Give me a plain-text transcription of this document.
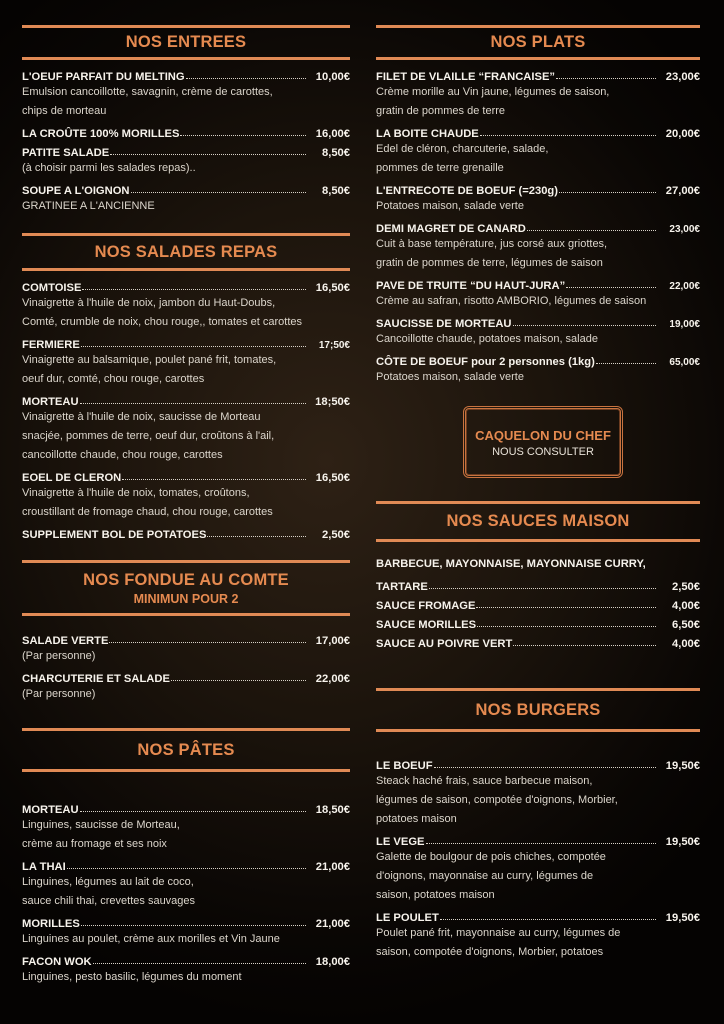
NOS ENTREES
L'OEUF PARFAIT DU MELTING	10,00€
Emulsion cancoillotte, savagnin, crème de carottes,
chips de morteau
LA CROÛTE 100% MORILLES	16,00€
PATITE SALADE	8,50€
(à choisir parmi les salades repas)..
SOUPE A L'OIGNON	8,50€
GRATINEE A L'ANCIENNE
NOS SALADES REPAS
COMTOISE	16,50€
Vinaigrette à l'huile de noix, jambon du Haut-Doubs,
Comté, crumble de noix, chou rouge,, tomates et carottes
FERMIERE	17;50€
Vinaigrette au balsamique, poulet pané frit, tomates,
oeuf dur, comté, chou rouge, carottes
MORTEAU	18;50€
Vinaigrette à l'huile de noix, saucisse de Morteau
snacjée, pommes de terre, oeuf dur, croûtons à l'ail,
cancoillotte chaude, chou rouge, carottes
EOEL DE CLERON	16,50€
Vinaigrette à l'huile de noix, tomates, croûtons,
croustillant de fromage chaud, chou rouge, carottes
SUPPLEMENT BOL DE POTATOES	2,50€
NOS FONDUE AU COMTE
MINIMUN POUR 2
SALADE VERTE	17,00€
(Par personne)
CHARCUTERIE ET SALADE	22,00€
(Par personne)
NOS PÂTES
MORTEAU	18,50€
Linguines, saucisse de Morteau,
crème au fromage et ses noix
LA THAI	21,00€
Linguines, légumes au lait de coco,
sauce chili thai, crevettes sauvages
MORILLES	21,00€
Linguines au poulet, crème aux morilles et Vin Jaune
FACON WOK	18,00€
Linguines, pesto basilic, légumes du moment
NOS PLATS
FILET DE VLAILLE “FRANCAISE”	23,00€
Crème morille au Vin jaune, légumes de saison,
gratin de pommes de terre
LA BOITE CHAUDE	20,00€
Edel de cléron, charcuterie, salade,
pommes de terre grenaille
L'ENTRECOTE DE BOEUF (=230g)	27,00€
Potatoes maison, salade verte
DEMI MAGRET DE CANARD	23,00€
Cuit à base température, jus corsé aux griottes,
gratin de pommes de terre, légumes de saison
PAVE DE TRUITE “DU HAUT-JURA”	22,00€
Crème au safran, risotto AMBORIO, légumes de saison
SAUCISSE DE MORTEAU	19,00€
Cancoillotte chaude, potatoes maison, salade
CÔTE DE BOEUF pour 2 personnes (1kg)	65,00€
Potatoes maison, salade verte
CAQUELON DU CHEF
NOUS CONSULTER
NOS SAUCES MAISON
BARBECUE, MAYONNAISE, MAYONNAISE CURRY,
TARTARE	2,50€
SAUCE FROMAGE	4,00€
SAUCE MORILLES	6,50€
SAUCE AU POIVRE VERT	4,00€
NOS BURGERS
LE BOEUF	19,50€
Steack haché frais, sauce barbecue maison,
légumes de saison, compotée d'oignons, Morbier,
potatoes maison
LE VEGE	19,50€
Galette de boulgour de pois chiches, compotée
d'oignons, mayonnaise au curry, légumes de
saison, potatoes maison
LE POULET	19,50€
Poulet pané frit, mayonnaise au curry, légumes de
saison, compotée d'oignons, Morbier, potatoes
